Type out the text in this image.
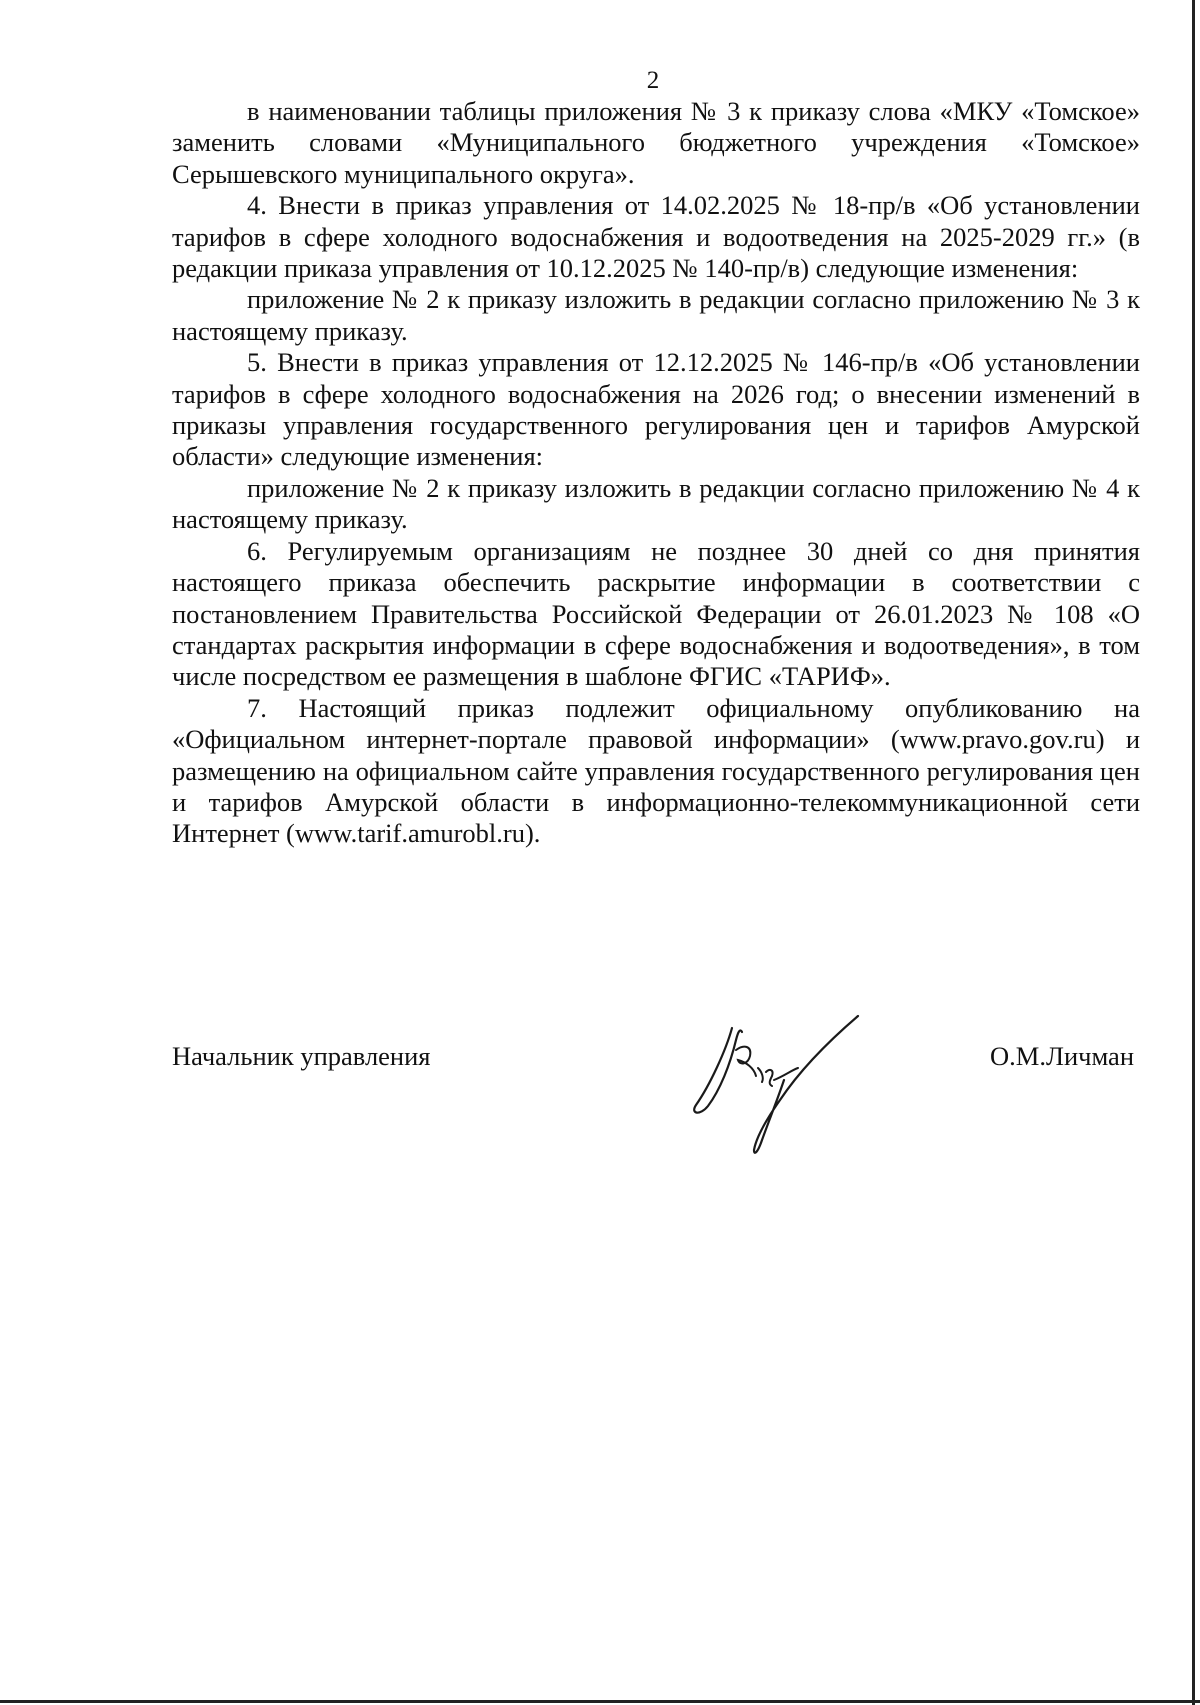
2

в наименовании таблицы приложения № 3 к приказу слова «МКУ «Томское» заменить словами «Муниципального бюджетного учреждения «Томское» Серышевского муниципального округа».

4. Внести в приказ управления от 14.02.2025 № 18-пр/в «Об установлении тарифов в сфере холодного водоснабжения и водоотведения на 2025-2029 гг.» (в редакции приказа управления от 10.12.2025 № 140-пр/в) следующие изменения:

приложение № 2 к приказу изложить в редакции согласно приложению № 3 к настоящему приказу.

5. Внести в приказ управления от 12.12.2025 № 146-пр/в «Об установлении тарифов в сфере холодного водоснабжения на 2026 год; о внесении изменений в приказы управления государственного регулирования цен и тарифов Амурской области» следующие изменения:

приложение № 2 к приказу изложить в редакции согласно приложению № 4 к настоящему приказу.

6. Регулируемым организациям не позднее 30 дней со дня принятия настоящего приказа обеспечить раскрытие информации в соответствии с постановлением Правительства Российской Федерации от 26.01.2023 № 108 «О стандартах раскрытия информации в сфере водоснабжения и водоотведения», в том числе посредством ее размещения в шаблоне ФГИС «ТАРИФ».

7. Настоящий приказ подлежит официальному опубликованию на «Официальном интернет-портале правовой информации» (www.pravo.gov.ru) и размещению на официальном сайте управления государственного регулирования цен и тарифов Амурской области в информационно-телекоммуникационной сети Интернет (www.tarif.amurobl.ru).

Начальник управления	О.М.Личман
